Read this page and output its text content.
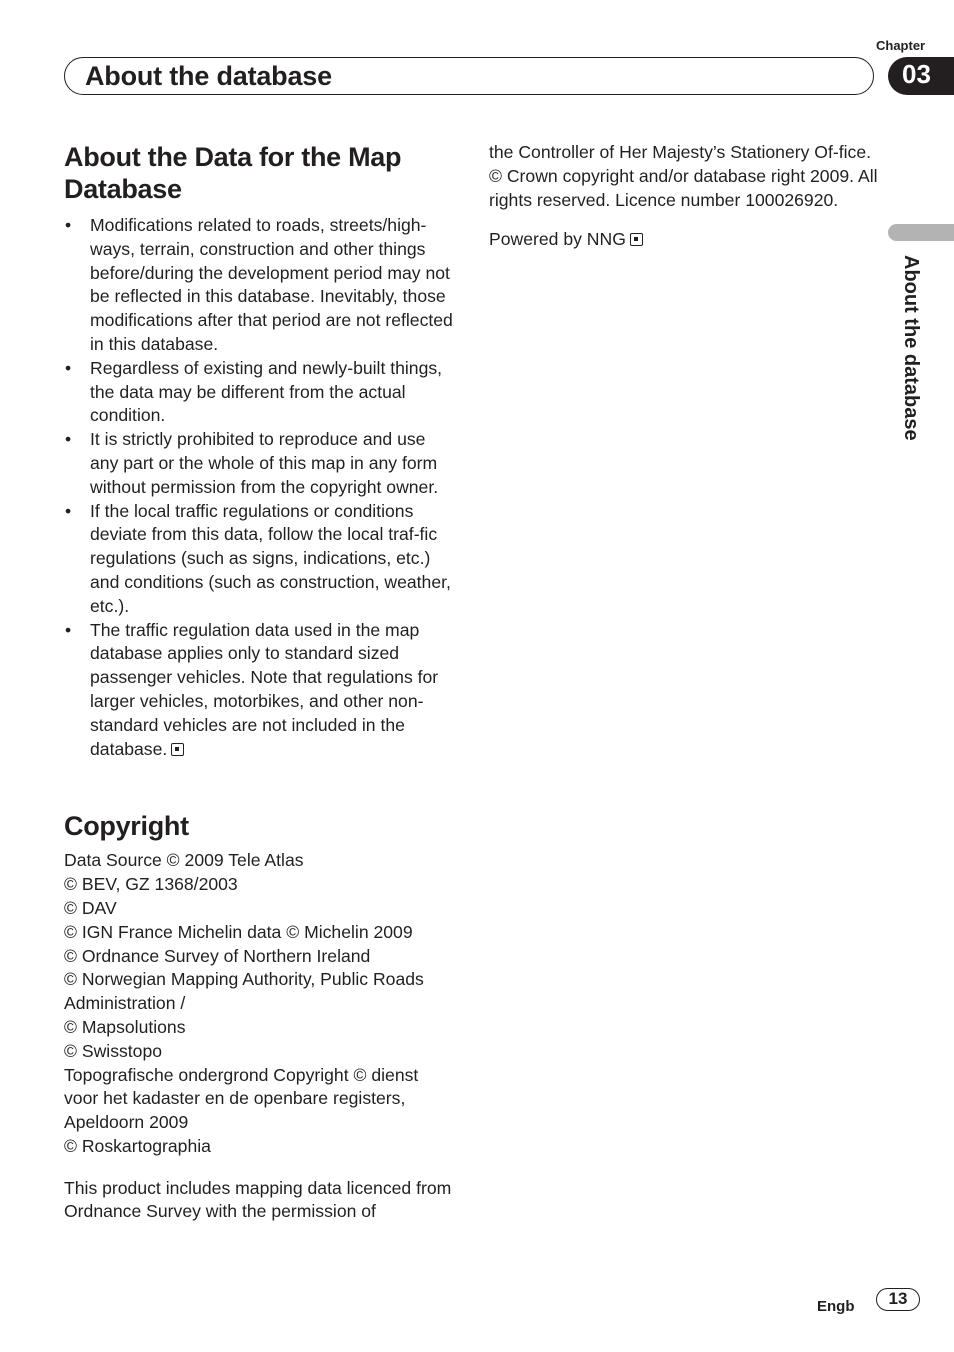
Chapter
About the database	03
About the database
About the Data for the Map Database
• Modifications related to roads, streets/high-ways, terrain, construction and other things before/during the development period may not be reflected in this database. Inevitably, those modifications after that period are not reflected in this database.
• Regardless of existing and newly-built things, the data may be different from the actual condition.
• It is strictly prohibited to reproduce and use any part or the whole of this map in any form without permission from the copyright owner.
• If the local traffic regulations or conditions deviate from this data, follow the local traf-fic regulations (such as signs, indications, etc.) and conditions (such as construction, weather, etc.).
• The traffic regulation data used in the map database applies only to standard sized passenger vehicles. Note that regulations for larger vehicles, motorbikes, and other non-standard vehicles are not included in the database.
Copyright
Data Source © 2009 Tele Atlas
© BEV, GZ 1368/2003
© DAV
© IGN France Michelin data © Michelin 2009
© Ordnance Survey of Northern Ireland
© Norwegian Mapping Authority, Public Roads Administration /
© Mapsolutions
© Swisstopo
Topografische ondergrond Copyright © dienst voor het kadaster en de openbare registers, Apeldoorn 2009
© Roskartographia
This product includes mapping data licenced from Ordnance Survey with the permission of
the Controller of Her Majesty’s Stationery Of-fice. © Crown copyright and/or database right 2009. All rights reserved. Licence number 100026920.
Powered by NNG
Engb	13
